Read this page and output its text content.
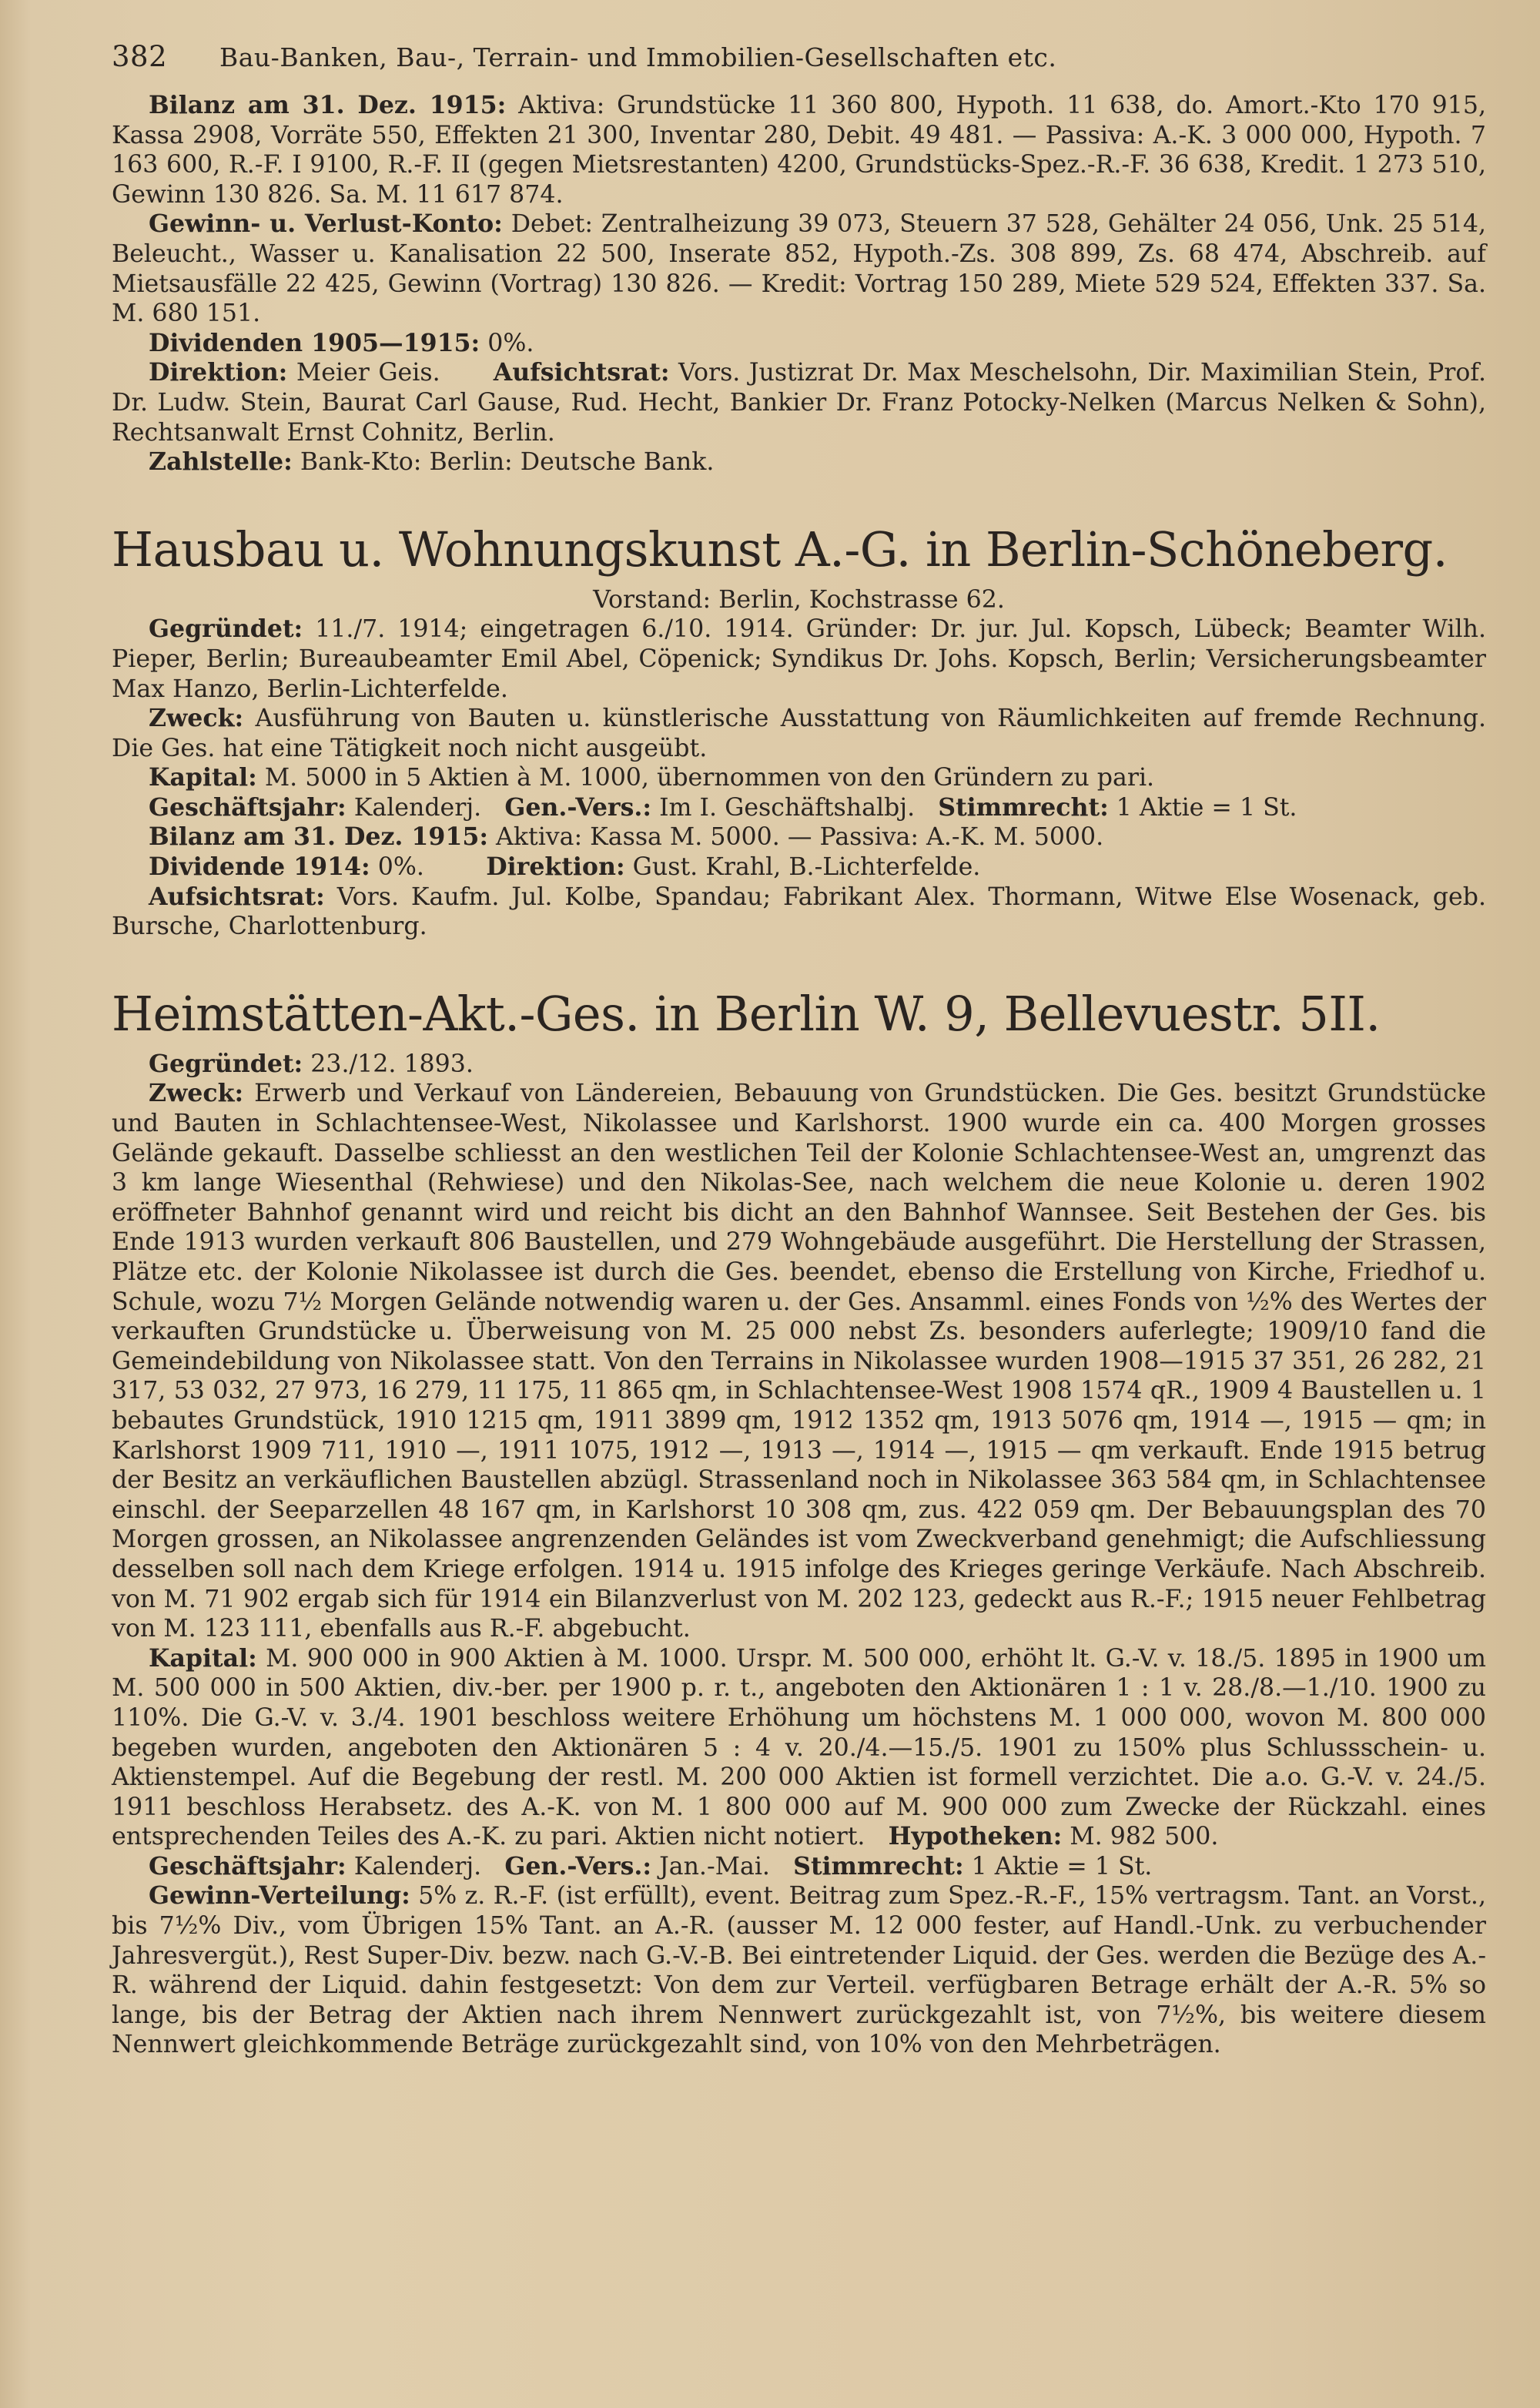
382	Bau-Banken, Bau-, Terrain- und Immobilien-Gesellschaften etc.

Bilanz am 31. Dez. 1915: Aktiva: Grundstücke 11 360 800, Hypoth. 11 638, do. Amort.-Kto 170 915, Kassa 2908, Vorräte 550, Effekten 21 300, Inventar 280, Debit. 49 481. — Passiva: A.-K. 3 000 000, Hypoth. 7 163 600, R.-F. I 9100, R.-F. II (gegen Mietsrestanten) 4200, Grundstücks-Spez.-R.-F. 36 638, Kredit. 1 273 510, Gewinn 130 826. Sa. M. 11 617 874.

Gewinn- u. Verlust-Konto: Debet: Zentralheizung 39 073, Steuern 37 528, Gehälter 24 056, Unk. 25 514, Beleucht., Wasser u. Kanalisation 22 500, Inserate 852, Hypoth.-Zs. 308 899, Zs. 68 474, Abschreib. auf Mietsausfälle 22 425, Gewinn (Vortrag) 130 826. — Kredit: Vortrag 150 289, Miete 529 524, Effekten 337. Sa. M. 680 151.

Dividenden 1905—1915: 0%.

Direktion: Meier Geis. Aufsichtsrat: Vors. Justizrat Dr. Max Meschelsohn, Dir. Maximilian Stein, Prof. Dr. Ludw. Stein, Baurat Carl Gause, Rud. Hecht, Bankier Dr. Franz Potocky-Nelken (Marcus Nelken & Sohn), Rechtsanwalt Ernst Cohnitz, Berlin.

Zahlstelle: Bank-Kto: Berlin: Deutsche Bank.

Hausbau u. Wohnungskunst A.-G. in Berlin-Schöneberg.

Vorstand: Berlin, Kochstrasse 62.

Gegründet: 11./7. 1914; eingetragen 6./10. 1914. Gründer: Dr. jur. Jul. Kopsch, Lübeck; Beamter Wilh. Pieper, Berlin; Bureaubeamter Emil Abel, Cöpenick; Syndikus Dr. Johs. Kopsch, Berlin; Versicherungsbeamter Max Hanzo, Berlin-Lichterfelde.

Zweck: Ausführung von Bauten u. künstlerische Ausstattung von Räumlichkeiten auf fremde Rechnung. Die Ges. hat eine Tätigkeit noch nicht ausgeübt.

Kapital: M. 5000 in 5 Aktien à M. 1000, übernommen von den Gründern zu pari.

Geschäftsjahr: Kalenderj. Gen.-Vers.: Im I. Geschäftshalbj. Stimmrecht: 1 Aktie = 1 St.

Bilanz am 31. Dez. 1915: Aktiva: Kassa M. 5000. — Passiva: A.-K. M. 5000.

Dividende 1914: 0%.	Direktion: Gust. Krahl, B.-Lichterfelde.

Aufsichtsrat: Vors. Kaufm. Jul. Kolbe, Spandau; Fabrikant Alex. Thormann, Witwe Else Wosenack, geb. Bursche, Charlottenburg.

Heimstätten-Akt.-Ges. in Berlin W. 9, Bellevuestr. 5II.

Gegründet: 23./12. 1893.

Zweck: Erwerb und Verkauf von Ländereien, Bebauung von Grundstücken. Die Ges. besitzt Grundstücke und Bauten in Schlachtensee-West, Nikolassee und Karlshorst. 1900 wurde ein ca. 400 Morgen grosses Gelände gekauft. Dasselbe schliesst an den westlichen Teil der Kolonie Schlachtensee-West an, umgrenzt das 3 km lange Wiesenthal (Rehwiese) und den Nikolas-See, nach welchem die neue Kolonie u. deren 1902 eröffneter Bahnhof genannt wird und reicht bis dicht an den Bahnhof Wannsee. Seit Bestehen der Ges. bis Ende 1913 wurden verkauft 806 Baustellen, und 279 Wohngebäude ausgeführt. Die Herstellung der Strassen, Plätze etc. der Kolonie Nikolassee ist durch die Ges. beendet, ebenso die Erstellung von Kirche, Friedhof u. Schule, wozu 7½ Morgen Gelände notwendig waren u. der Ges. Ansamml. eines Fonds von ½% des Wertes der verkauften Grundstücke u. Überweisung von M. 25 000 nebst Zs. besonders auferlegte; 1909/10 fand die Gemeindebildung von Nikolassee statt. Von den Terrains in Nikolassee wurden 1908—1915 37 351, 26 282, 21 317, 53 032, 27 973, 16 279, 11 175, 11 865 qm, in Schlachtensee-West 1908 1574 qR., 1909 4 Baustellen u. 1 bebautes Grundstück, 1910 1215 qm, 1911 3899 qm, 1912 1352 qm, 1913 5076 qm, 1914 —, 1915 — qm; in Karlshorst 1909 711, 1910 —, 1911 1075, 1912 —, 1913 —, 1914 —, 1915 — qm verkauft. Ende 1915 betrug der Besitz an verkäuflichen Baustellen abzügl. Strassenland noch in Nikolassee 363 584 qm, in Schlachtensee einschl. der Seeparzellen 48 167 qm, in Karlshorst 10 308 qm, zus. 422 059 qm. Der Bebauungsplan des 70 Morgen grossen, an Nikolassee angrenzenden Geländes ist vom Zweckverband genehmigt; die Aufschliessung desselben soll nach dem Kriege erfolgen. 1914 u. 1915 infolge des Krieges geringe Verkäufe. Nach Abschreib. von M. 71 902 ergab sich für 1914 ein Bilanzverlust von M. 202 123, gedeckt aus R.-F.; 1915 neuer Fehlbetrag von M. 123 111, ebenfalls aus R.-F. abgebucht.

Kapital: M. 900 000 in 900 Aktien à M. 1000. Urspr. M. 500 000, erhöht lt. G.-V. v. 18./5. 1895 in 1900 um M. 500 000 in 500 Aktien, div.-ber. per 1900 p. r. t., angeboten den Aktionären 1 : 1 v. 28./8.—1./10. 1900 zu 110%. Die G.-V. v. 3./4. 1901 beschloss weitere Erhöhung um höchstens M. 1 000 000, wovon M. 800 000 begeben wurden, angeboten den Aktionären 5 : 4 v. 20./4.—15./5. 1901 zu 150% plus Schlussschein- u. Aktienstempel. Auf die Begebung der restl. M. 200 000 Aktien ist formell verzichtet. Die a.o. G.-V. v. 24./5. 1911 beschloss Herabsetz. des A.-K. von M. 1 800 000 auf M. 900 000 zum Zwecke der Rückzahl. eines entsprechenden Teiles des A.-K. zu pari. Aktien nicht notiert. Hypotheken: M. 982 500.

Geschäftsjahr: Kalenderj. Gen.-Vers.: Jan.-Mai. Stimmrecht: 1 Aktie = 1 St.

Gewinn-Verteilung: 5% z. R.-F. (ist erfüllt), event. Beitrag zum Spez.-R.-F., 15% vertragsm. Tant. an Vorst., bis 7½% Div., vom Übrigen 15% Tant. an A.-R. (ausser M. 12 000 fester, auf Handl.-Unk. zu verbuchender Jahresvergüt.), Rest Super-Div. bezw. nach G.-V.-B. Bei eintretender Liquid. der Ges. werden die Bezüge des A.-R. während der Liquid. dahin festgesetzt: Von dem zur Verteil. verfügbaren Betrage erhält der A.-R. 5% so lange, bis der Betrag der Aktien nach ihrem Nennwert zurückgezahlt ist, von 7½%, bis weitere diesem Nennwert gleichkommende Beträge zurückgezahlt sind, von 10% von den Mehrbeträgen.
